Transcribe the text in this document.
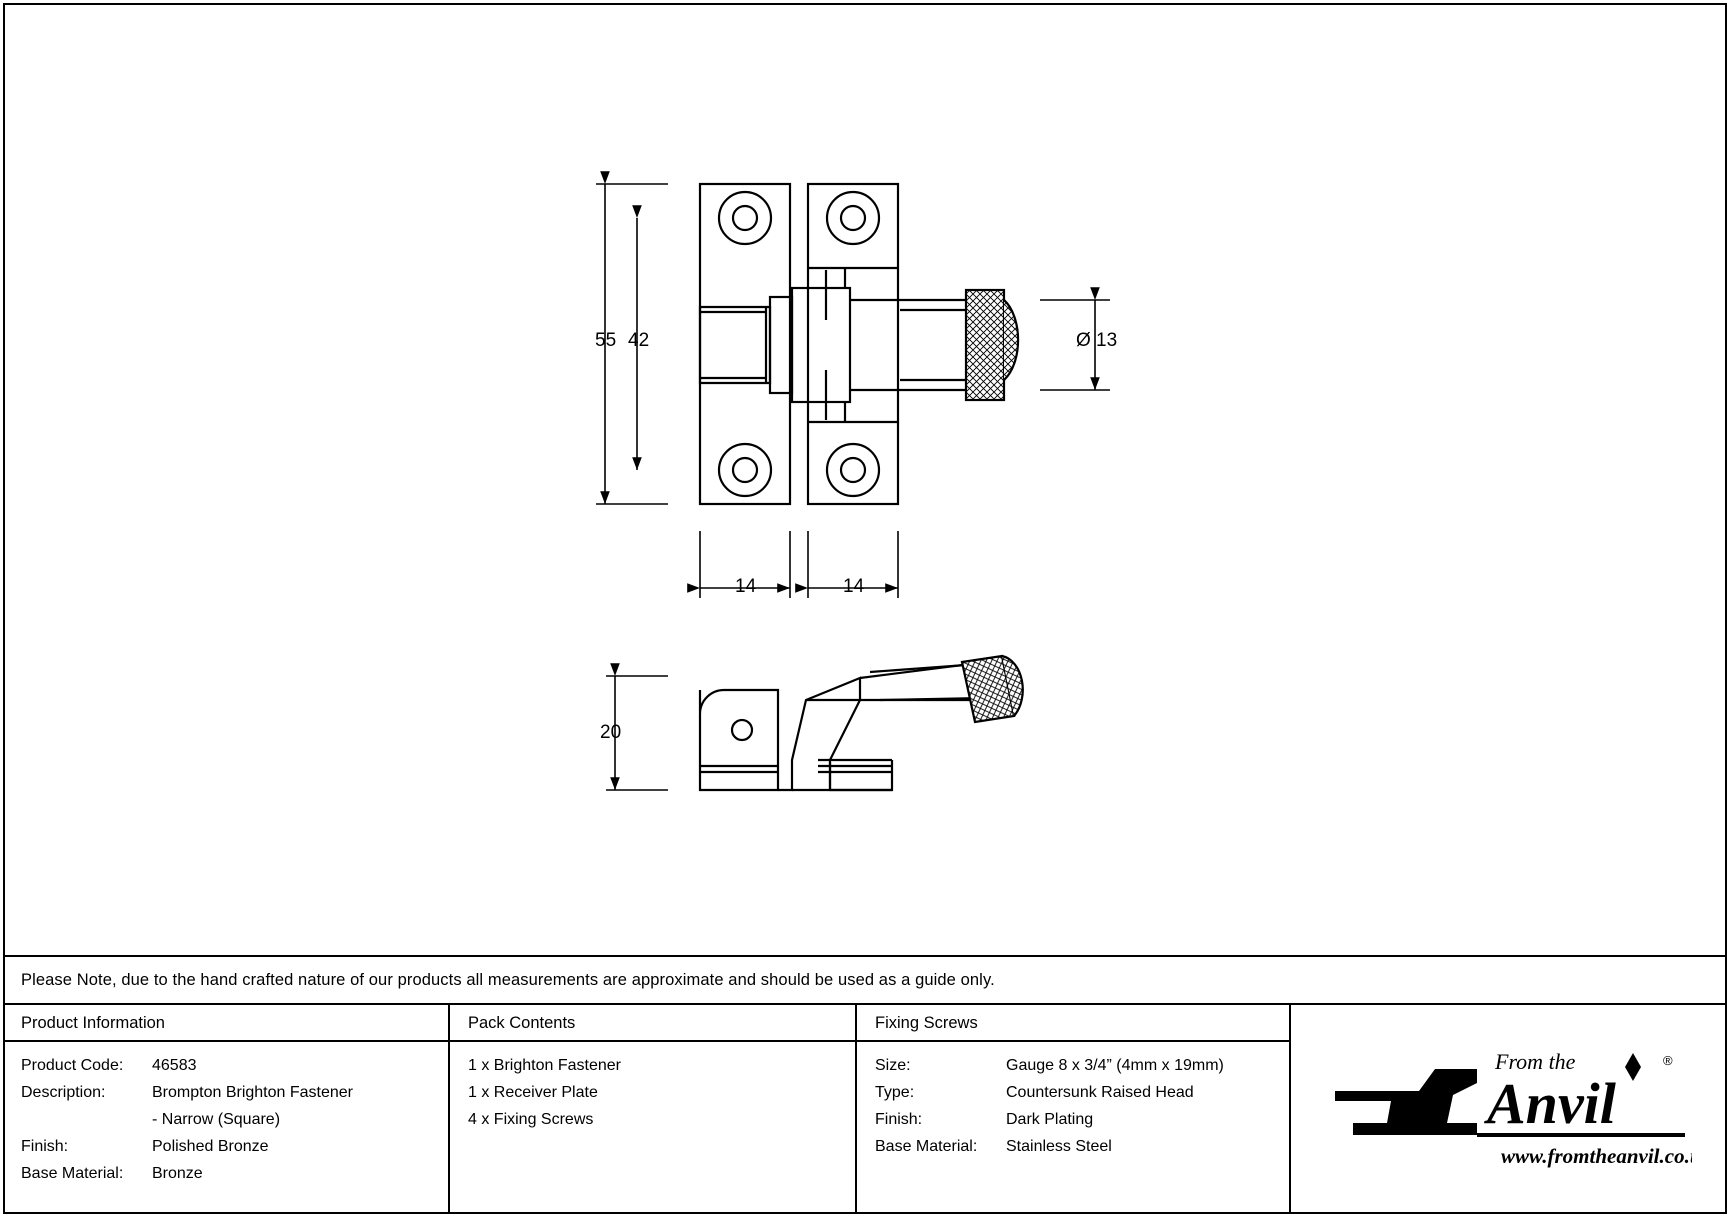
55 42	Ø 13
14	14
20
Please Note, due to the hand crafted nature of our products all measurements are approximate and should be used as a guide only.
Product Information
Product Code: 46583
Description:	Brompton Brighton Fastener
- Narrow (Square)
Finish:	Polished Bronze
Base Material: Bronze
Pack Contents
1 x Brighton Fastener
1 x Receiver Plate
4 x Fixing Screws
Fixing Screws
Size:	Gauge 8 x 3/4” (4mm x 19mm)
Type:	Countersunk Raised Head
Finish:	Dark Plating
Base Material: Stainless Steel
From the	®
Anvil
www.fromtheanvil.co.uk
